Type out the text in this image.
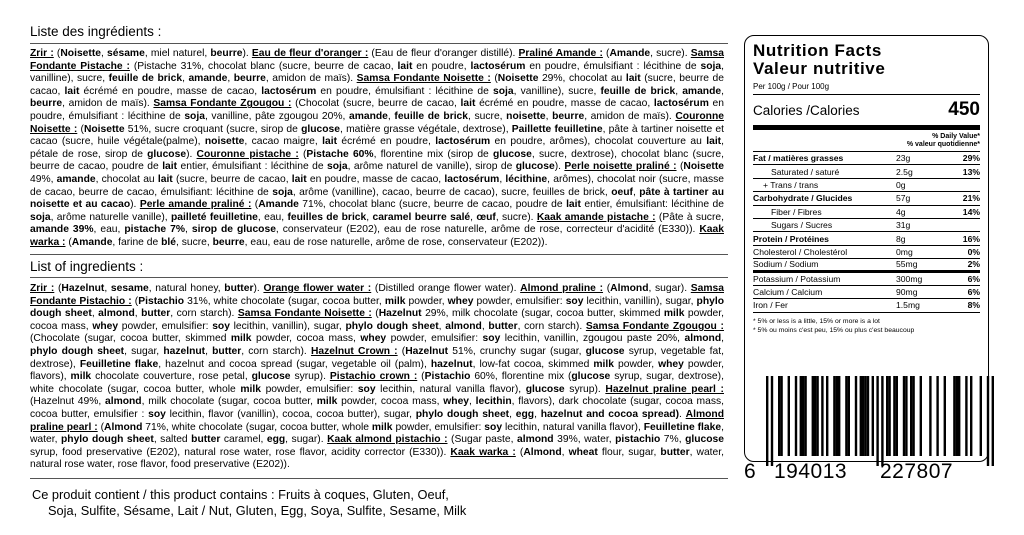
Liste des ingrédients :
Zrir : (Noisette, sésame, miel naturel, beurre). Eau de fleur d'oranger : (Eau de fleur d'oranger distillé). Praliné Amande : (Amande, sucre). Samsa Fondante Pistache : (Pistache 31%, chocolat blanc (sucre, beurre de cacao, lait en poudre, lactosérum en poudre, émulsifiant : lécithine de soja, vanilline), sucre, feuille de brick, amande, beurre, amidon de maïs). Samsa Fondante Noisette : (Noisette 29%, chocolat au lait (sucre, beurre de cacao, lait écrémé en poudre, masse de cacao, lactosérum en poudre, émulsifiant : lécithine de soja, vanilline), sucre, feuille de brick, amande, beurre, amidon de maïs). Samsa Fondante Zgougou : (Chocolat (sucre, beurre de cacao, lait écrémé en poudre, masse de cacao, lactosérum en poudre, émulsifiant : lécithine de soja, vanilline, pâte zgougou 20%, amande, feuille de brick, sucre, noisette, beurre, amidon de maïs). Couronne Noisette : (Noisette 51%, sucre croquant (sucre, sirop de glucose, matière grasse végétale, dextrose), Paillette feuilletine, pâte à tartiner noisette et cacao (sucre, huile végétale(palme), noisette, cacao maigre, lait écrémé en poudre, lactosérum en poudre, arômes), chocolat couverture au lait, pétale de rose, sirop de glucose). Couronne pistache : (Pistache 60%, florentine mix (sirop de glucose, sucre, dextrose), chocolat blanc (sucre, beurre de cacao, poudre de lait entier, émulsifiant : lécithine de soja, arôme naturel de vanille), sirop de glucose). Perle noisette praliné : (Noisette 49%, amande, chocolat au lait (sucre, beurre de cacao, lait en poudre, masse de cacao, lactosérum, lécithine, arômes), chocolat noir (sucre, masse de cacao, beurre de cacao, émulsifiant: lécithine de soja, arôme (vanilline), cacao, beurre de cacao), sucre, feuilles de brick, oeuf, pâte à tartiner au noisette et au cacao). Perle amande praliné : (Amande 71%, chocolat blanc (sucre, beurre de cacao, poudre de lait entier, émulsifiant: lécithine de soja, arôme naturelle vanille), pailleté feuilletine, eau, feuilles de brick, caramel beurre salé, œuf, sucre). Kaak amande pistache : (Pâte à sucre, amande 39%, eau, pistache 7%, sirop de glucose, conservateur (E202), eau de rose naturelle, arôme de rose, correcteur d'acidité (E330)). Kaak warka : (Amande, farine de blé, sucre, beurre, eau, eau de rose naturelle, arôme de rose, conservateur (E202)).
List of ingredients :
Zrir : (Hazelnut, sesame, natural honey, butter). Orange flower water : (Distilled orange flower water). Almond praline : (Almond, sugar). Samsa Fondante Pistachio : (Pistachio 31%, white chocolate (sugar, cocoa butter, milk powder, whey powder, emulsifier: soy lecithin, vanillin), sugar, phylo dough sheet, almond, butter, corn starch). Samsa Fondante Noisette : (Hazelnut 29%, milk chocolate (sugar, cocoa butter, skimmed milk powder, cocoa mass, whey powder, emulsifier: soy lecithin, vanillin), sugar, phylo dough sheet, almond, butter, corn starch). Samsa Fondante Zgougou : (Chocolate (sugar, cocoa butter, skimmed milk powder, cocoa mass, whey powder, emulsifier: soy lecithin, vanillin, zgougou paste 20%, almond, phylo dough sheet, sugar, hazelnut, butter, corn starch). Hazelnut Crown : (Hazelnut 51%, crunchy sugar (sugar, glucose syrup, vegetable fat, dextrose), Feuilletine flake, hazelnut and cocoa spread (sugar, vegetable oil (palm), hazelnut, low-fat cocoa, skimmed milk powder, whey powder, flavors), milk chocolate couverture, rose petal, glucose syrup). Pistachio crown : (Pistachio 60%, florentine mix (glucose syrup, sugar, dextrose), white chocolate (sugar, cocoa butter, whole milk powder, emulsifier: soy lecithin, natural vanilla flavor), glucose syrup). Hazelnut praline pearl : (Hazelnut 49%, almond, milk chocolate (sugar, cocoa butter, milk powder, cocoa mass, whey, lecithin, flavors), dark chocolate (sugar, cocoa mass, cocoa butter, emulsifier : soy lecithin, flavor (vanillin), cocoa, cocoa butter), sugar, phylo dough sheet, egg, hazelnut and cocoa spread). Almond praline pearl : (Almond 71%, white chocolate (sugar, cocoa butter, whole milk powder, emulsifier: soy lecithin, natural vanilla flavor), Feuilletine flake, water, phylo dough sheet, salted butter caramel, egg, sugar). Kaak almond pistachio : (Sugar paste, almond 39%, water, pistachio 7%, glucose syrup, food preservative (E202), natural rose water, rose flavor, acidity corrector (E330)). Kaak warka : (Almond, wheat flour, sugar, butter, water, natural rose water, rose flavor, food preservative (E202)).
Ce produit contient / this product contains : Fruits à coques, Gluten, Oeuf,
Soja, Sulfite, Sésame, Lait / Nut, Gluten, Egg, Soya, Sulfite, Sesame, Milk
Nutrition Facts
Valeur nutritive
Per 100g / Pour 100g
Calories /Calories	450
% Daily Value*
% valeur quotidienne*
Fat / matières grasses	23g	29%
Saturated / saturé	2.5g	13%
+ Trans / trans	0g
Carbohydrate / Glucides	57g	21%
Fiber / Fibres	4g	14%
Sugars / Sucres	31g
Protein / Protéines	8g	16%
Cholesterol / Cholestérol	0mg	0%
Sodium / Sodium	55mg	2%
Potassium / Potassium	300mg	6%
Calcium / Calcium	90mg	6%
Iron / Fer	1.5mg	8%
* 5% or less is a little, 15% or more is a lot
* 5% ou moins c'est peu, 15% ou plus c'est beaucoup
6 194013 227807
